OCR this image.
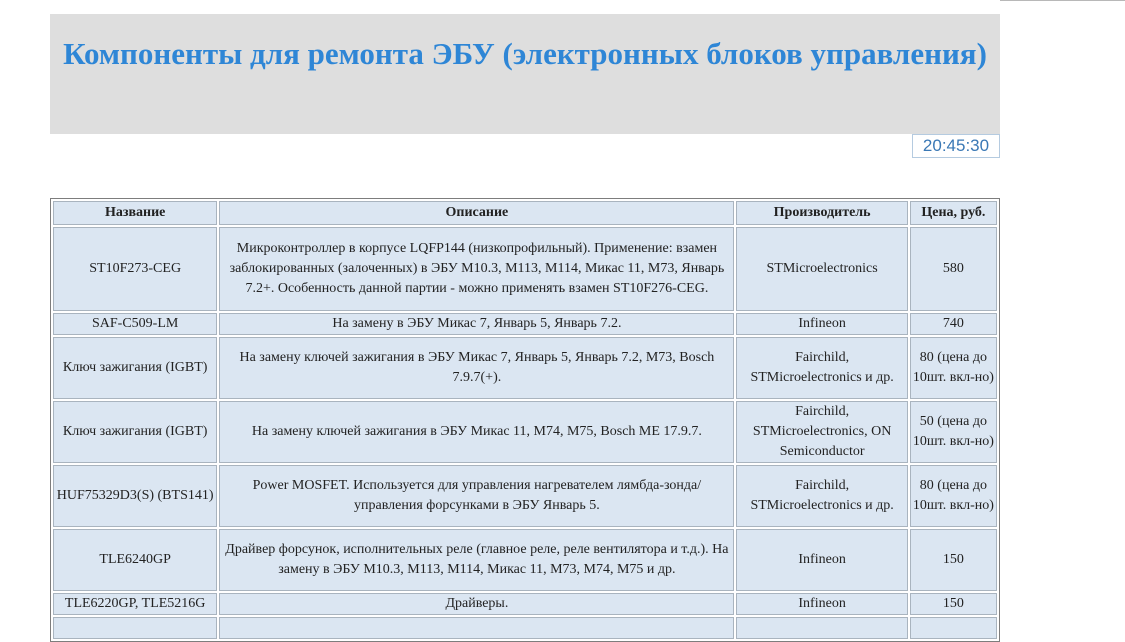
Компоненты для ремонта ЭБУ (электронных блоков управления)
20:45:30
Название	Описание	Производитель	Цена, руб.
ST10F273-CEG	Микроконтроллер в корпусе LQFP144 (низкопрофильный). Применение: взамен заблокированных (залоченных) в ЭБУ М10.3, М113, М114, Микас 11, М73, Январь 7.2+. Особенность данной партии - можно применять взамен ST10F276-CEG.	STMicroelectronics	580
SAF-C509-LM	На замену в ЭБУ Микас 7, Январь 5, Январь 7.2.	Infineon	740
Ключ зажигания (IGBT)	На замену ключей зажигания в ЭБУ Микас 7, Январь 5, Январь 7.2, М73, Bosch 7.9.7(+).	Fairchild, STMicroelectronics и др.	80 (цена до 10шт. вкл-но)
Ключ зажигания (IGBT)	На замену ключей зажигания в ЭБУ Микас 11, М74, М75, Bosch ME 17.9.7.	Fairchild, STMicroelectronics, ON Semiconductor	50 (цена до 10шт. вкл-но)
HUF75329D3(S) (BTS141)	Power MOSFET. Используется для управления нагревателем лямбда-зонда/управления форсунками в ЭБУ Январь 5.	Fairchild, STMicroelectronics и др.	80 (цена до 10шт. вкл-но)
TLE6240GP	Драйвер форсунок, исполнительных реле (главное реле, реле вентилятора и т.д.). На замену в ЭБУ М10.3, М113, М114, Микас 11, М73, М74, М75 и др.	Infineon	150
TLE6220GP, TLE5216G	Драйверы.	Infineon	150
